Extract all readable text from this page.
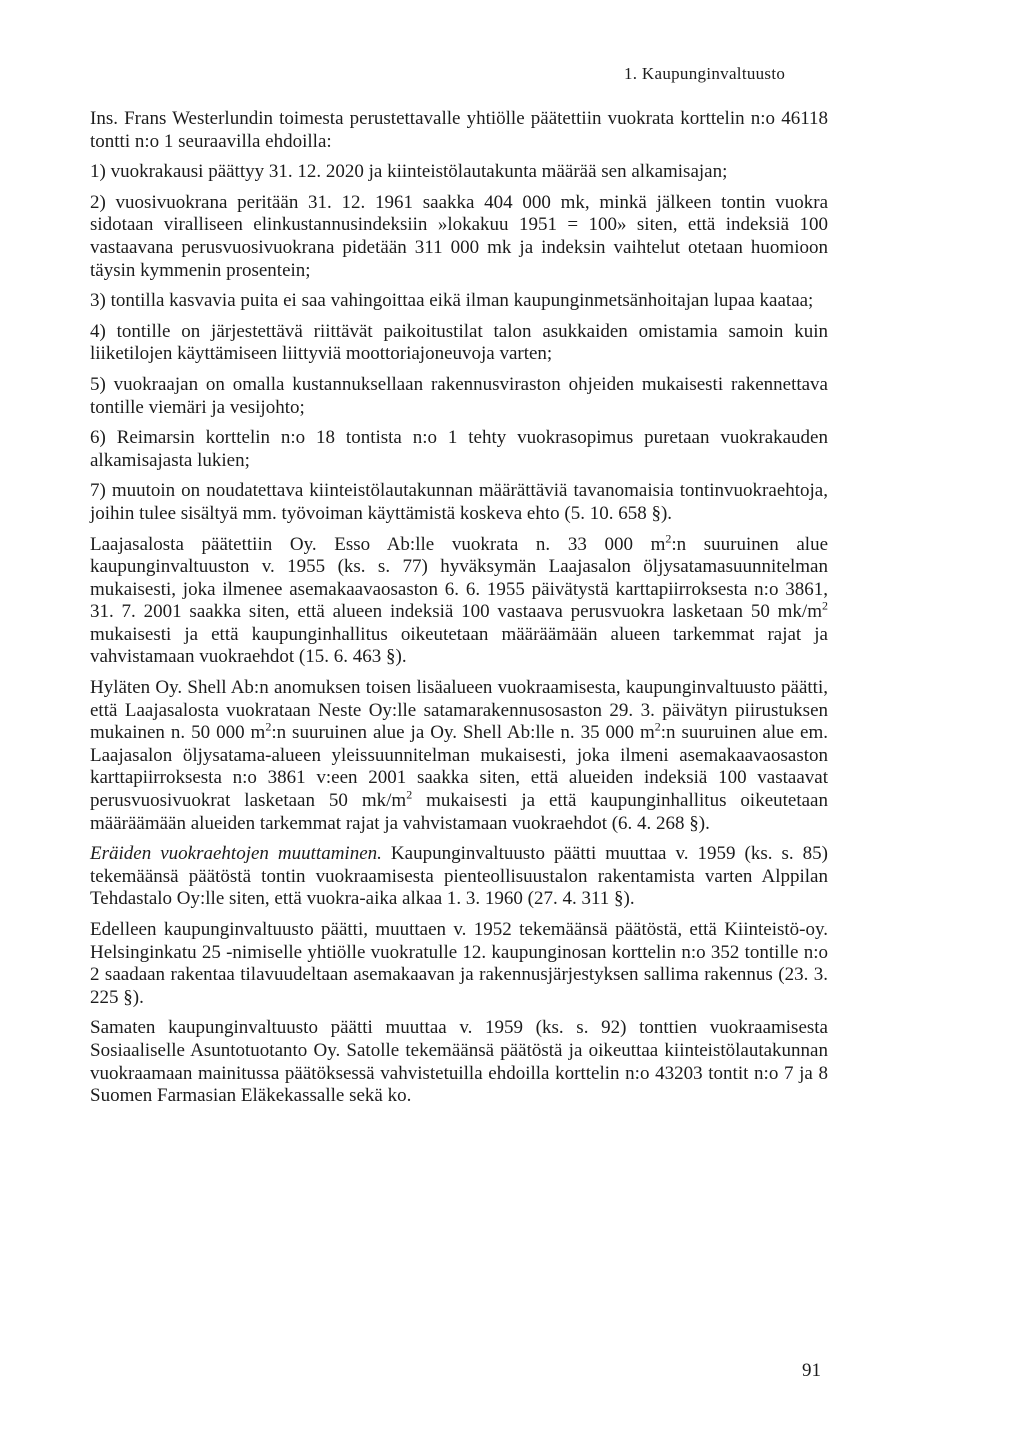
1. Kaupunginvaltuusto

Ins. Frans Westerlundin toimesta perustettavalle yhtiölle päätettiin vuokrata korttelin n:o 46118 tontti n:o 1 seuraavilla ehdoilla:

1) vuokrakausi päättyy 31. 12. 2020 ja kiinteistölautakunta määrää sen alkamisajan;

2) vuosivuokrana peritään 31. 12. 1961 saakka 404 000 mk, minkä jälkeen tontin vuokra sidotaan viralliseen elinkustannusindeksiin »lokakuu 1951 = 100» siten, että indeksiä 100 vastaavana perusvuosivuokrana pidetään 311 000 mk ja indeksin vaihtelut otetaan huomioon täysin kymmenin prosentein;

3) tontilla kasvavia puita ei saa vahingoittaa eikä ilman kaupunginmetsänhoitajan lupaa kaataa;

4) tontille on järjestettävä riittävät paikoitustilat talon asukkaiden omistamia samoin kuin liiketilojen käyttämiseen liittyviä moottoriajoneuvoja varten;

5) vuokraajan on omalla kustannuksellaan rakennusviraston ohjeiden mukaisesti rakennettava tontille viemäri ja vesijohto;

6) Reimarsin korttelin n:o 18 tontista n:o 1 tehty vuokrasopimus puretaan vuokrakauden alkamisajasta lukien;

7) muutoin on noudatettava kiinteistölautakunnan määrättäviä tavanomaisia tontinvuokraehtoja, joihin tulee sisältyä mm. työvoiman käyttämistä koskeva ehto (5. 10. 658 §).

Laajasalosta päätettiin Oy. Esso Ab:lle vuokrata n. 33 000 $m^2:n$ suuruinen alue kaupunginvaltuuston v. 1955 (ks. s. 77) hyväksymän Laajasalon öljysatamasuunnitelman mukaisesti, joka ilmenee asemakaavaosaston 6. 6. 1955 päivätystä karttapiirroksesta n:o 3861, 31. 7. 2001 saakka siten, että alueen indeksiä 100 vastaava perusvuokra lasketaan 50 $mk/m^2$ mukaisesti ja että kaupunginhallitus oikeutetaan määräämään alueen tarkemmat rajat ja vahvistamaan vuokraehdot (15. 6. 463 §).

Hyläten Oy. Shell Ab:n anomuksen toisen lisäalueen vuokraamisesta, kaupunginvaltuusto päätti, että Laajasalosta vuokrataan Neste Oy:lle satamarakennusosaston 29. 3. päivätyn piirustuksen mukainen n. 50 000 $m^2:n$ suuruinen alue ja Oy. Shell Ab:lle n. 35 000 $m^2:n$ suuruinen alue em. Laajasalon öljysatama-alueen yleissuunnitelman mukaisesti, joka ilmeni asemakaavaosaston karttapiirroksesta n:o 3861 v:een 2001 saakka siten, että alueiden indeksiä 100 vastaavat perusvuosivuokrat lasketaan 50 $mk/m^2$ mukaisesti ja että kaupunginhallitus oikeutetaan määräämään alueiden tarkemmat rajat ja vahvistamaan vuokraehdot (6. 4. 268 §).

Eräiden vuokraehtojen muuttaminen. Kaupunginvaltuusto päätti muuttaa v. 1959 (ks. s. 85) tekemäänsä päätöstä tontin vuokraamisesta pienteollisuustalon rakentamista varten Alppilan Tehdastalo Oy:lle siten, että vuokra-aika alkaa 1. 3. 1960 (27. 4. 311 §).

Edelleen kaupunginvaltuusto päätti, muuttaen v. 1952 tekemäänsä päätöstä, että Kiinteistö-oy. Helsinginkatu 25 -nimiselle yhtiölle vuokratulle 12. kaupunginosan korttelin n:o 352 tontille n:o 2 saadaan rakentaa tilavuudeltaan asemakaavan ja rakennusjärjestyksen sallima rakennus (23. 3. 225 §).

Samaten kaupunginvaltuusto päätti muuttaa v. 1959 (ks. s. 92) tonttien vuokraamisesta Sosiaaliselle Asuntotuotanto Oy. Satolle tekemäänsä päätöstä ja oikeuttaa kiinteistölautakunnan vuokraamaan mainitussa päätöksessä vahvistetuilla ehdoilla korttelin n:o 43203 tontit n:o 7 ja 8 Suomen Farmasian Eläkekassalle sekä ko.

91
